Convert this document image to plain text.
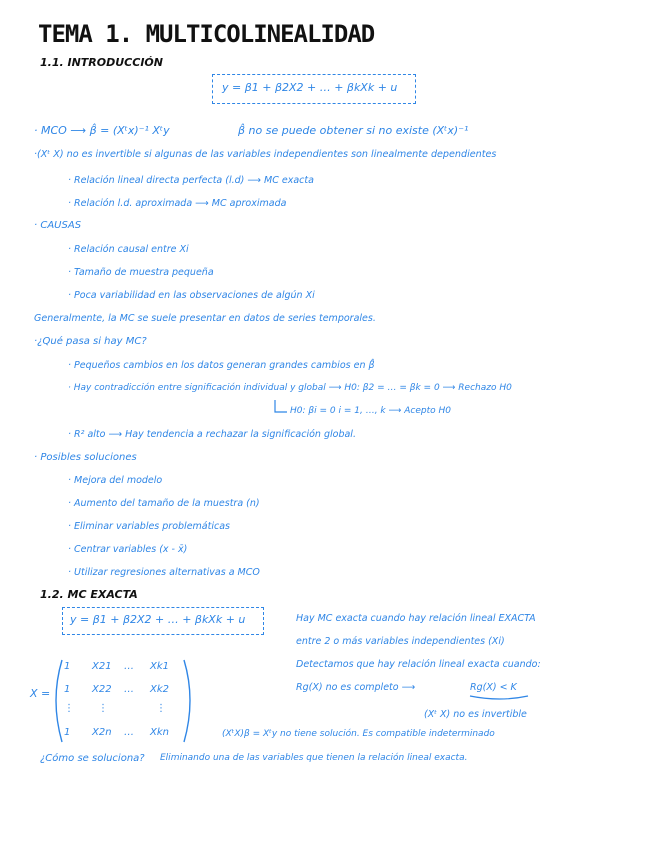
TEMA 1. MULTICOLINEALIDAD
1.1. INTRODUCCIÓN
y = β1 + β2X2 + … + βkXk + u
· MCO ⟶ β̂ = (Xᵗx)⁻¹ Xᵗy	β̂ no se puede obtener si no existe (Xᵗx)⁻¹
·(Xᵗ X) no es invertible si algunas de las variables independientes son linealmente dependientes
· Relación lineal directa perfecta (l.d) ⟶ MC exacta
· Relación l.d. aproximada ⟶ MC aproximada
· CAUSAS
· Relación causal entre Xi
· Tamaño de muestra pequeña
· Poca variabilidad en las observaciones de algún Xi
Generalmente, la MC se suele presentar en datos de series temporales.
·¿Qué pasa si hay MC?
· Pequeños cambios en los datos generan grandes cambios en β̂
· Hay contradicción entre significación individual y global ⟶ H0: β2 = … = βk = 0 ⟶ Rechazo H0
H0: βi = 0 i = 1, …, k ⟶ Acepto H0
· R² alto ⟶ Hay tendencia a rechazar la significación global.
· Posibles soluciones
· Mejora del modelo
· Aumento del tamaño de la muestra (n)
· Eliminar variables problemáticas
· Centrar variables (x - x̄)
· Utilizar regresiones alternativas a MCO
1.2. MC EXACTA
y = β1 + β2X2 + … + βkXk + u	Hay MC exacta cuando hay relación lineal EXACTA
entre 2 o más variables independientes (Xi)
Detectamos que hay relación lineal exacta cuando:
Rg(X) no es completo ⟶	Rg(X) < K
(Xᵗ X) no es invertible
X =
1 X21 … Xk1
1 X22 … Xk2
⋮ ⋮	⋮
1 X2n … Xkn	(XᵗX)β = Xᵗy no tiene solución. Es compatible indeterminado
¿Cómo se soluciona? Eliminando una de las variables que tienen la relación lineal exacta.
